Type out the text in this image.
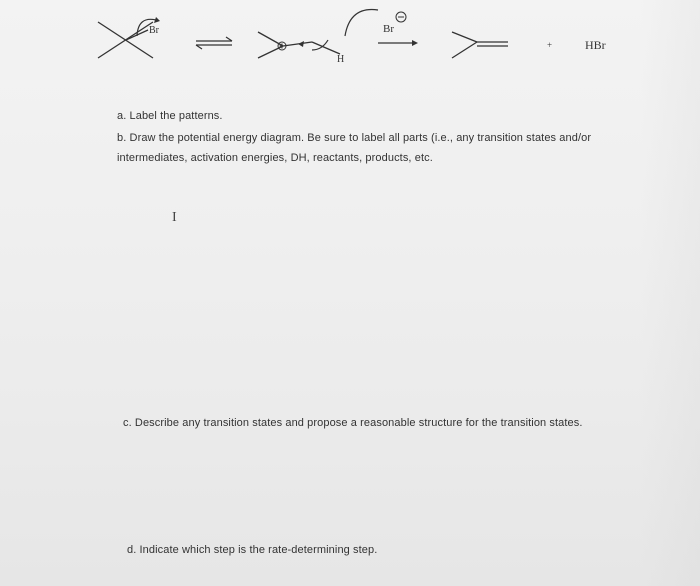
Br
H
Br
+	HBr
a. Label the patterns.
b. Draw the potential energy diagram. Be sure to label all parts (i.e., any transition states and/or intermediates, activation energies, DH, reactants, products, etc.
I
c. Describe any transition states and propose a reasonable structure for the transition states.
d. Indicate which step is the rate-determining step.
